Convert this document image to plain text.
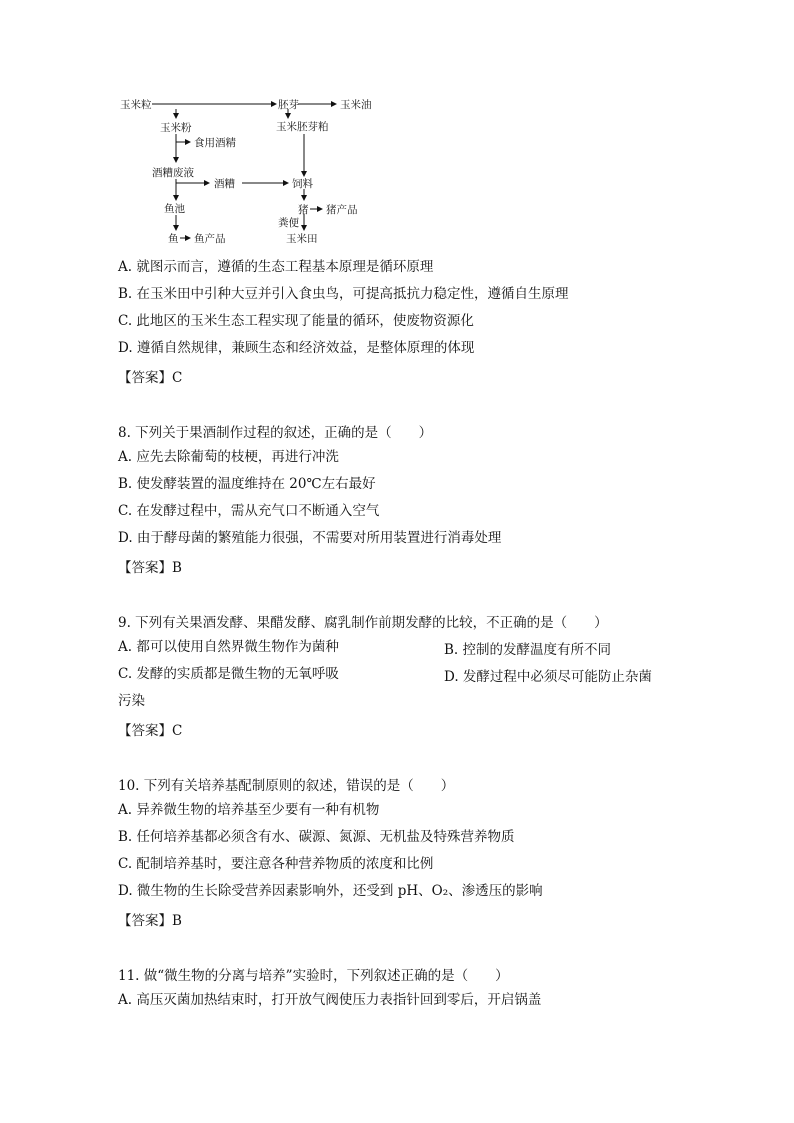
玉米粒	胚芽	玉米油
玉米粉	玉米胚芽粕
食用酒精
酒糟废液
酒糟	饲料
鱼池	猪 猪产品
粪便
鱼 鱼产品	玉米田
A. 就图示而言，遵循的生态工程基本原理是循环原理
B. 在玉米田中引种大豆并引入食虫鸟，可提高抵抗力稳定性，遵循自生原理
C. 此地区的玉米生态工程实现了能量的循环，使废物资源化
D. 遵循自然规律，兼顾生态和经济效益，是整体原理的体现
【答案】C
8. 下列关于果酒制作过程的叙述，正确的是（　　）
A. 应先去除葡萄的枝梗，再进行冲洗
B. 使发酵装置的温度维持在 20℃左右最好
C. 在发酵过程中，需从充气口不断通入空气
D. 由于酵母菌的繁殖能力很强，不需要对所用装置进行消毒处理
【答案】B
9. 下列有关果酒发酵、果醋发酵、腐乳制作前期发酵的比较，不正确的是（　　）
A. 都可以使用自然界微生物作为菌种	B. 控制的发酵温度有所不同
C. 发酵的实质都是微生物的无氧呼吸	D. 发酵过程中必须尽可能防止杂菌
污染
【答案】C
10. 下列有关培养基配制原则的叙述，错误的是（　　）
A. 异养微生物的培养基至少要有一种有机物
B. 任何培养基都必须含有水、碳源、氮源、无机盐及特殊营养物质
C. 配制培养基时，要注意各种营养物质的浓度和比例
D. 微生物的生长除受营养因素影响外，还受到 pH、O₂、渗透压的影响
【答案】B
11. 做“微生物的分离与培养”实验时，下列叙述正确的是（　　）
A. 高压灭菌加热结束时，打开放气阀使压力表指针回到零后，开启锅盖
